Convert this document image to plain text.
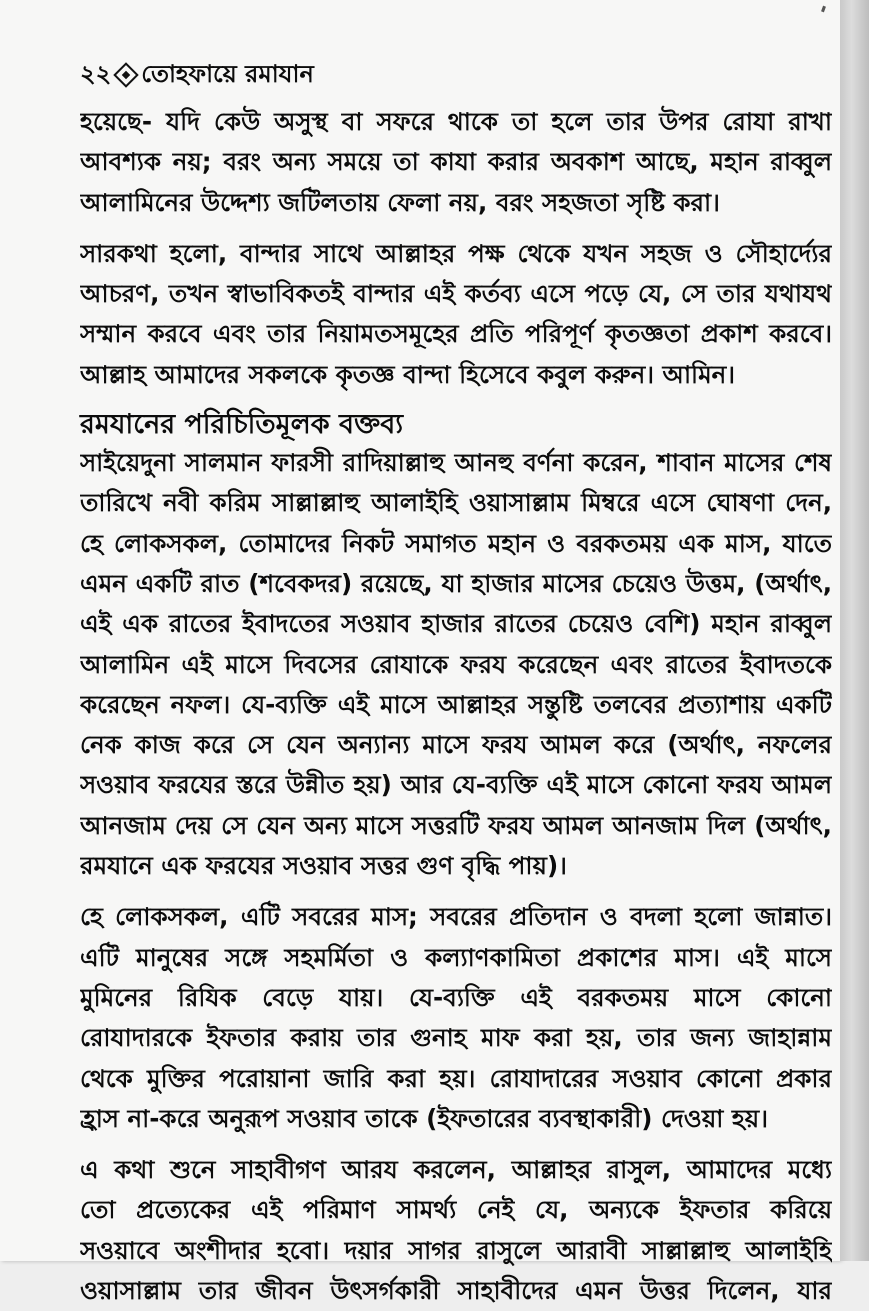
২২ তোহফায়ে রমাযান
হয়েছে- যদি কেউ অসুস্থ বা সফরে থাকে তা হলে তার উপর রোযা রাখা
আবশ্যক নয়; বরং অন্য সময়ে তা কাযা করার অবকাশ আছে, মহান রাব্বুল
আলামিনের উদ্দেশ্য জটিলতায় ফেলা নয়, বরং সহজতা সৃষ্টি করা।
সারকথা হলো, বান্দার সাথে আল্লাহর পক্ষ থেকে যখন সহজ ও সৌহার্দ্যের
আচরণ, তখন স্বাভাবিকতই বান্দার এই কর্তব্য এসে পড়ে যে, সে তার যথাযথ
সম্মান করবে এবং তার নিয়ামতসমূহের প্রতি পরিপূর্ণ কৃতজ্ঞতা প্রকাশ করবে।
আল্লাহ আমাদের সকলকে কৃতজ্ঞ বান্দা হিসেবে কবুল করুন। আমিন।
রমযানের পরিচিতিমূলক বক্তব্য
সাইয়েদুনা সালমান ফারসী রাদিয়াল্লাহু আনহু বর্ণনা করেন, শাবান মাসের শেষ
তারিখে নবী করিম সাল্লাল্লাহু আলাইহি ওয়াসাল্লাম মিম্বরে এসে ঘোষণা দেন,
হে লোকসকল, তোমাদের নিকট সমাগত মহান ও বরকতময় এক মাস, যাতে
এমন একটি রাত (শবেকদর) রয়েছে, যা হাজার মাসের চেয়েও উত্তম, (অর্থাৎ,
এই এক রাতের ইবাদতের সওয়াব হাজার রাতের চেয়েও বেশি) মহান রাব্বুল
আলামিন এই মাসে দিবসের রোযাকে ফরয করেছেন এবং রাতের ইবাদতকে
করেছেন নফল। যে-ব্যক্তি এই মাসে আল্লাহর সন্তুষ্টি তলবের প্রত্যাশায় একটি
নেক কাজ করে সে যেন অন্যান্য মাসে ফরয আমল করে (অর্থাৎ, নফলের
সওয়াব ফরযের স্তরে উন্নীত হয়) আর যে-ব্যক্তি এই মাসে কোনো ফরয আমল
আনজাম দেয় সে যেন অন্য মাসে সত্তরটি ফরয আমল আনজাম দিল (অর্থাৎ,
রমযানে এক ফরযের সওয়াব সত্তর গুণ বৃদ্ধি পায়)।
হে লোকসকল, এটি সবরের মাস; সবরের প্রতিদান ও বদলা হলো জান্নাত।
এটি মানুষের সঙ্গে সহমর্মিতা ও কল্যাণকামিতা প্রকাশের মাস। এই মাসে
মুমিনের রিযিক বেড়ে যায়। যে-ব্যক্তি এই বরকতময় মাসে কোনো
রোযাদারকে ইফতার করায় তার গুনাহ মাফ করা হয়, তার জন্য জাহান্নাম
থেকে মুক্তির পরোয়ানা জারি করা হয়। রোযাদারের সওয়াব কোনো প্রকার
হ্রাস না-করে অনুরূপ সওয়াব তাকে (ইফতারের ব্যবস্থাকারী) দেওয়া হয়।
এ কথা শুনে সাহাবীগণ আরয করলেন, আল্লাহর রাসুল, আমাদের মধ্যে
তো প্রত্যেকের এই পরিমাণ সামর্থ্য নেই যে, অন্যকে ইফতার করিয়ে
সওয়াবে অংশীদার হবো। দয়ার সাগর রাসুলে আরাবী সাল্লাল্লাহু আলাইহি
ওয়াসাল্লাম তার জীবন উৎসর্গকারী সাহাবীদের এমন উত্তর দিলেন, যার
